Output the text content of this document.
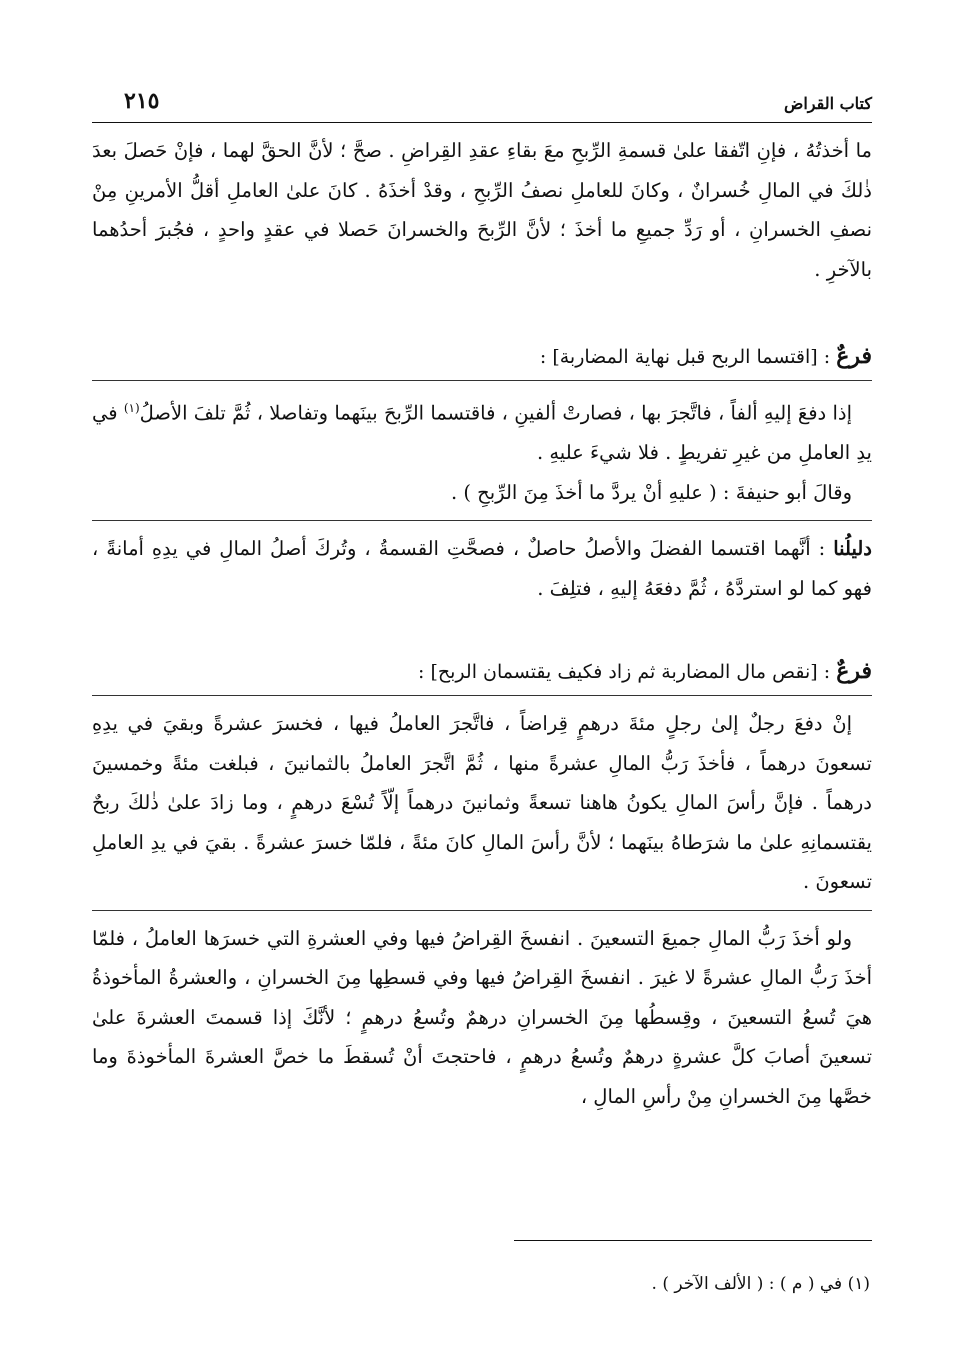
كتاب القراض
٢١٥

ما أخذتُهُ ، فإنِ اتّفقا علىٰ قسمةِ الرِّبحِ معَ بقاءِ عقدِ القِراضِ . صحَّ ؛ لأنَّ الحقَّ لهما ، فإنْ حَصلَ بعدَ ذٰلكَ في المالِ خُسرانٌ ، وكانَ للعاملِ نصفُ الرِّبحِ ، وقدْ أخذَهُ . كانَ علىٰ العاملِ أقلُّ الأمرينِ مِنْ نصفِ الخسرانِ ، أو رَدِّ جميعِ ما أخذَ ؛ لأنَّ الرِّبحَ والخسرانَ حَصلا في عقدٍ واحدٍ ، فجُبرَ أحدُهما بالآخرِ .

فرعٌ : [اقتسما الربح قبل نهاية المضاربة] :

إذا دفعَ إليهِ ألفاً ، فاتَّجرَ بها ، فصارتْ ألفينِ ، فاقتسما الرِّبحَ بينَهما وتفاصلا ، ثُمَّ تلفَ الأصلُ$^{(١)}$ في يدِ العاملِ من غيرِ تفريطٍ . فلا شيءَ عليهِ .

وقالَ أبو حنيفةَ : ( عليهِ أنْ يردَّ ما أخذَ مِنَ الرِّبحِ ) .

دليلُنا : أنَّهما اقتسما الفضلَ والأصلُ حاصلٌ ، فصحَّتِ القسمةُ ، وتُركَ أصلُ المالِ في يدِهِ أمانةً ، فهو كما لو استردَّهُ ، ثُمَّ دفعَهُ إليهِ ، فتلِفَ .

فرعٌ : [نقص مال المضاربة ثم زاد فكيف يقتسمان الربح] :

إنْ دفعَ رجلٌ إلىٰ رجلٍ مئةَ درهمٍ قِراضاً ، فاتَّجرَ العاملُ فيها ، فخسرَ عشرةً وبقيَ في يدِهِ تسعونَ درهماً ، فأخذَ رَبُّ المالِ عشرةً منها ، ثُمَّ اتَّجرَ العاملُ بالثمانينَ ، فبلغت مئةً وخمسينَ درهماً . فإنَّ رأسَ المالِ يكونُ هاهنا تسعةً وثمانينَ درهماً إلّاً تُسْعَ درهمٍ ، وما زادَ علىٰ ذٰلكَ ربحٌ يقتسمانِهِ علىٰ ما شرَطاهُ بينَهما ؛ لأنَّ رأسَ المالِ كانَ مئةً ، فلمّا خسرَ عشرةً . بقيَ في يدِ العاملِ تسعونَ .

ولو أخذَ رَبُّ المالِ جميعَ التسعينَ . انفسخَ القِراضُ فيها وفي العشرةِ التي خسرَها العاملُ ، فلمّا أخذَ رَبُّ المالِ عشرةً لا غيرَ . انفسخَ القِراضُ فيها وفي قسطِها مِنَ الخسرانِ ، والعشرةُ المأخوذةُ هيَ تُسعُ التسعينَ ، وقِسطُها مِنَ الخسرانِ درهمٌ وتُسعُ درهمٍ ؛ لأنَّكَ إذا قسمتَ العشرةَ علىٰ تسعينَ أصابَ كلَّ عشرةٍ درهمٌ وتُسعُ درهمٍ ، فاحتجتَ أنْ تُسقطَ ما خصَّ العشرةَ المأخوذةَ وما خصَّها مِنَ الخسرانِ مِنْ رأسِ المالِ ،

(١) في ( م ) : ( الألف الآخر ) .
